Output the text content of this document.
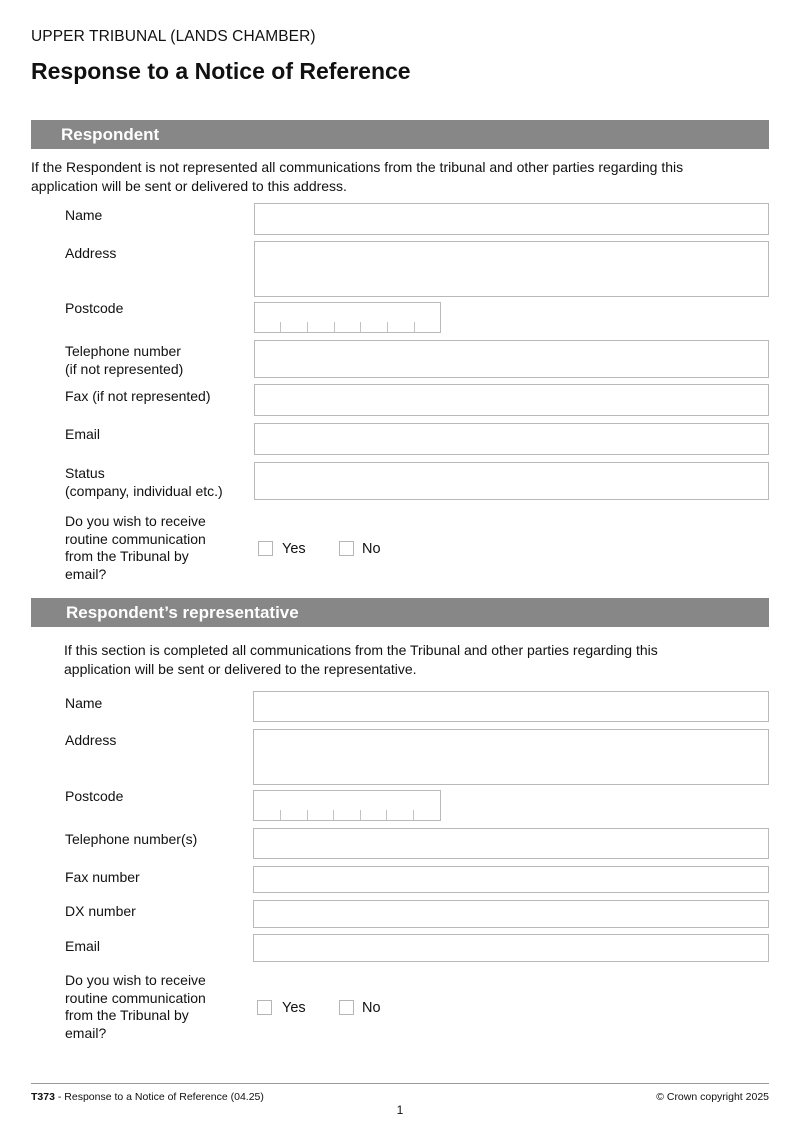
UPPER TRIBUNAL (LANDS CHAMBER)
Response to a Notice of Reference
Respondent
If the Respondent is not represented all communications from the tribunal and other parties regarding this
application will be sent or delivered to this address.
Name
Address
Postcode
Telephone number
(if not represented)
Fax (if not represented)
Email
Status
(company, individual etc.)
Do you wish to receive
routine communication
from the Tribunal by
email?
Yes	No
Respondent’s representative
If this section is completed all communications from the Tribunal and other parties regarding this
application will be sent or delivered to the representative.
Name
Address
Postcode
Telephone number(s)
Fax number
DX number
Email
Do you wish to receive
routine communication
from the Tribunal by
email?
Yes	No
T373 - Response to a Notice of Reference (04.25)	© Crown copyright 2025
1
